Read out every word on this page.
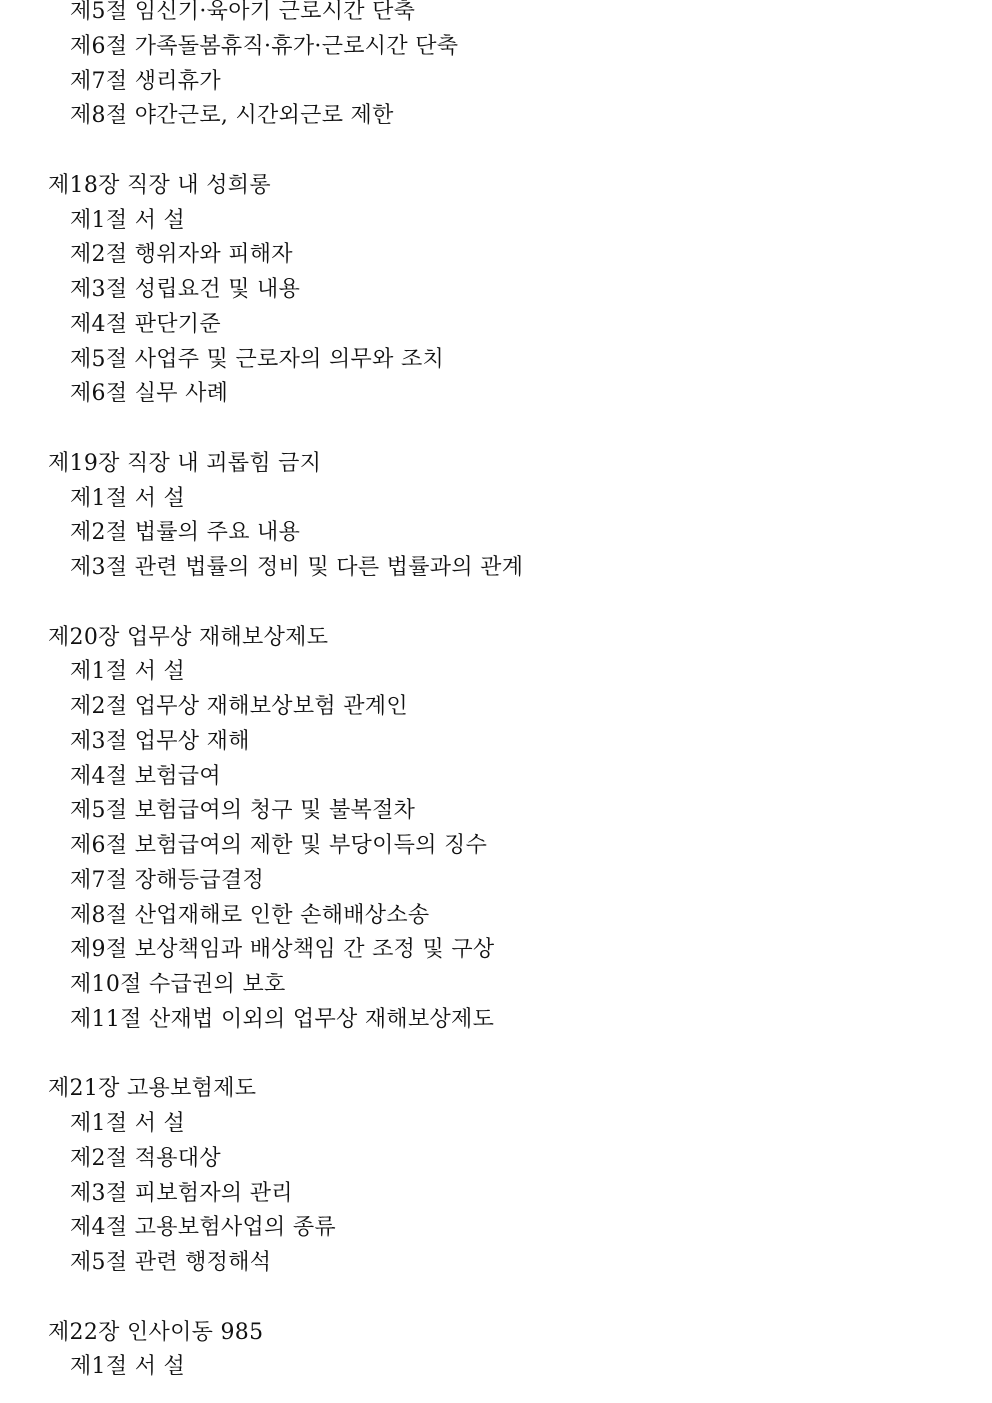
제5절 임신기·육아기 근로시간 단축
제6절 가족돌봄휴직·휴가·근로시간 단축
제7절 생리휴가
제8절 야간근로, 시간외근로 제한
제18장 직장 내 성희롱
제1절 서 설
제2절 행위자와 피해자
제3절 성립요건 및 내용
제4절 판단기준
제5절 사업주 및 근로자의 의무와 조치
제6절 실무 사례
제19장 직장 내 괴롭힘 금지
제1절 서 설
제2절 법률의 주요 내용
제3절 관련 법률의 정비 및 다른 법률과의 관계
제20장 업무상 재해보상제도
제1절 서 설
제2절 업무상 재해보상보험 관계인
제3절 업무상 재해
제4절 보험급여
제5절 보험급여의 청구 및 불복절차
제6절 보험급여의 제한 및 부당이득의 징수
제7절 장해등급결정
제8절 산업재해로 인한 손해배상소송
제9절 보상책임과 배상책임 간 조정 및 구상
제10절 수급권의 보호
제11절 산재법 이외의 업무상 재해보상제도
제21장 고용보험제도
제1절 서 설
제2절 적용대상
제3절 피보험자의 관리
제4절 고용보험사업의 종류
제5절 관련 행정해석
제22장 인사이동 985
제1절 서 설
